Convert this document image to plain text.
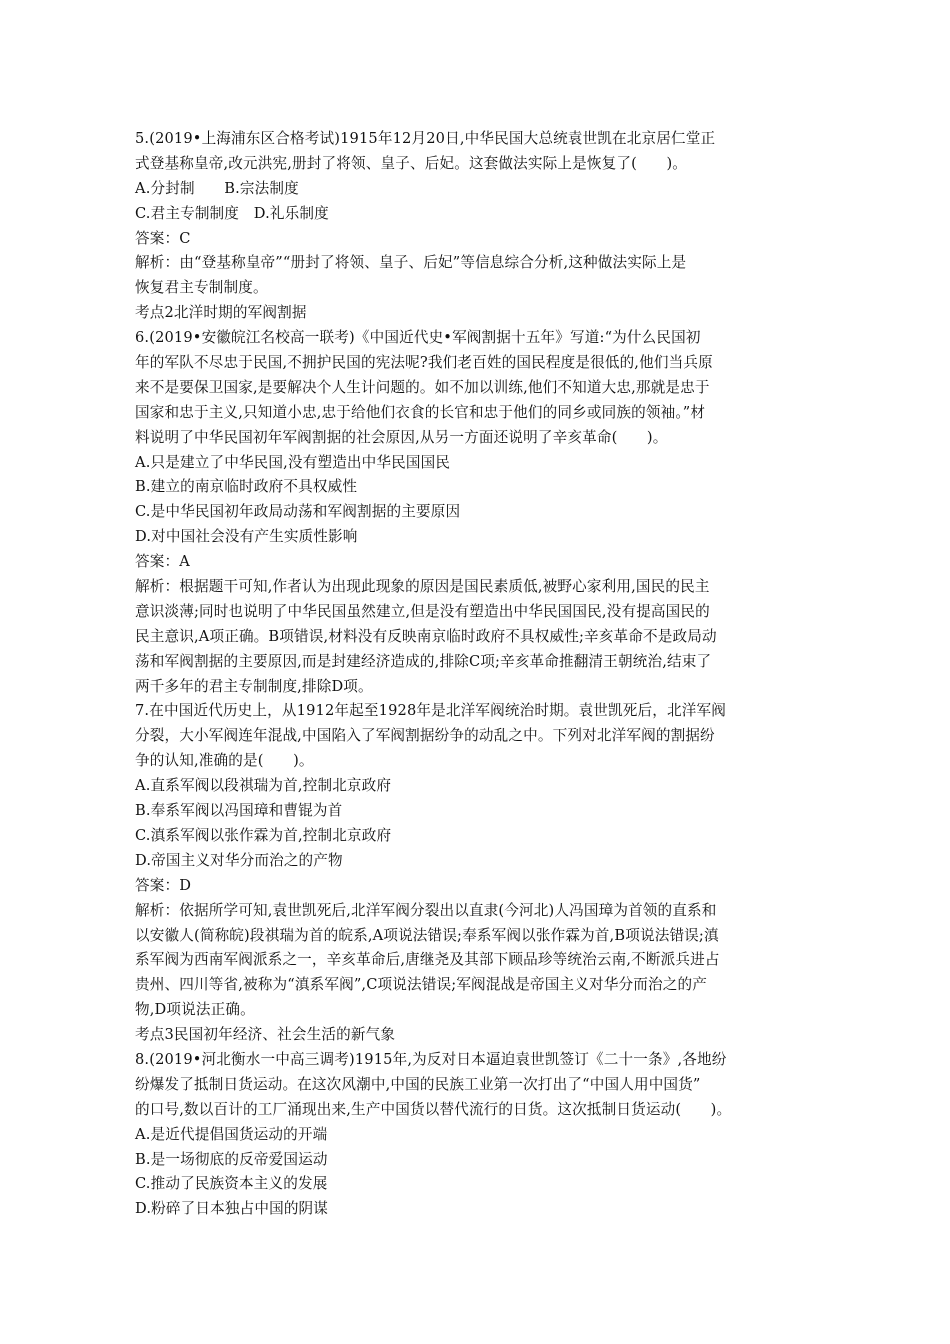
5.(2019•上海浦东区合格考试)1915年12月20日,中华民国大总统袁世凯在北京居仁堂正
式登基称皇帝,改元洪宪,册封了将领、皇子、后妃。这套做法实际上是恢复了(　　)。
A.分封制　　B.宗法制度
C.君主专制制度　D.礼乐制度
答案：C
解析：由“登基称皇帝”“册封了将领、皇子、后妃”等信息综合分析,这种做法实际上是
恢复君主专制制度。
考点2北洋时期的军阀割据
6.(2019•安徽皖江名校高一联考)《中国近代史•军阀割据十五年》写道:“为什么民国初
年的军队不尽忠于民国,不拥护民国的宪法呢?我们老百姓的国民程度是很低的,他们当兵原
来不是要保卫国家,是要解决个人生计问题的。如不加以训练,他们不知道大忠,那就是忠于
国家和忠于主义,只知道小忠,忠于给他们衣食的长官和忠于他们的同乡或同族的领袖。”材
料说明了中华民国初年军阀割据的社会原因,从另一方面还说明了辛亥革命(　　)。
A.只是建立了中华民国,没有塑造出中华民国国民
B.建立的南京临时政府不具权威性
C.是中华民国初年政局动荡和军阀割据的主要原因
D.对中国社会没有产生实质性影响
答案：A
解析：根据题干可知,作者认为出现此现象的原因是国民素质低,被野心家利用,国民的民主
意识淡薄;同时也说明了中华民国虽然建立,但是没有塑造出中华民国国民,没有提高国民的
民主意识,A项正确。B项错误,材料没有反映南京临时政府不具权威性;辛亥革命不是政局动
荡和军阀割据的主要原因,而是封建经济造成的,排除C项;辛亥革命推翻清王朝统治,结束了
两千多年的君主专制制度,排除D项。
7.在中国近代历史上，从1912年起至1928年是北洋军阀统治时期。袁世凯死后，北洋军阀
分裂，大小军阀连年混战,中国陷入了军阀割据纷争的动乱之中。下列对北洋军阀的割据纷
争的认知,准确的是(　　)。
A.直系军阀以段祺瑞为首,控制北京政府
B.奉系军阀以冯国璋和曹锟为首
C.滇系军阀以张作霖为首,控制北京政府
D.帝国主义对华分而治之的产物
答案：D
解析：依据所学可知,袁世凯死后,北洋军阀分裂出以直隶(今河北)人冯国璋为首领的直系和
以安徽人(简称皖)段祺瑞为首的皖系,A项说法错误;奉系军阀以张作霖为首,B项说法错误;滇
系军阀为西南军阀派系之一，辛亥革命后,唐继尧及其部下顾品珍等统治云南,不断派兵进占
贵州、四川等省,被称为“滇系军阀”,C项说法错误;军阀混战是帝国主义对华分而治之的产
物,D项说法正确。
考点3民国初年经济、社会生活的新气象
8.(2019•河北衡水一中高三调考)1915年,为反对日本逼迫袁世凯签订《二十一条》,各地纷
纷爆发了抵制日货运动。在这次风潮中,中国的民族工业第一次打出了“中国人用中国货”
的口号,数以百计的工厂涌现出来,生产中国货以替代流行的日货。这次抵制日货运动(　　)。
A.是近代提倡国货运动的开端
B.是一场彻底的反帝爱国运动
C.推动了民族资本主义的发展
D.粉碎了日本独占中国的阴谋
